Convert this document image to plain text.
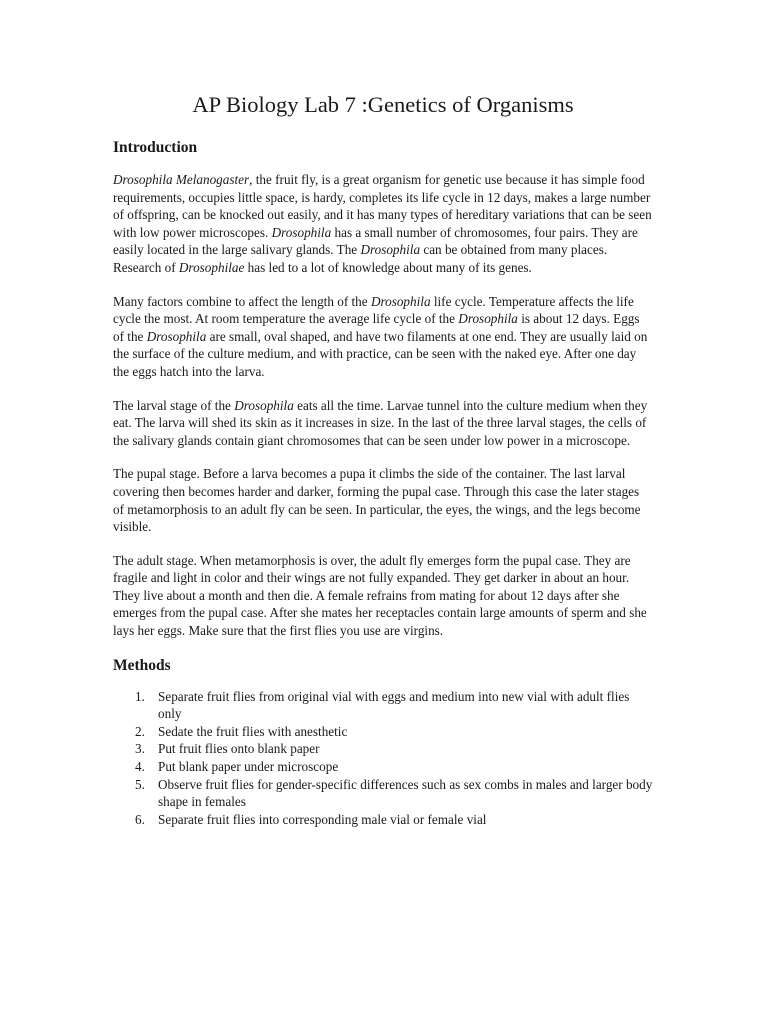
AP Biology Lab 7 :Genetics of Organisms
Introduction

Drosophila Melanogaster, the fruit fly, is a great organism for genetic use because it has simple food requirements, occupies little space, is hardy, completes its life cycle in 12 days, makes a large number of offspring, can be knocked out easily, and it has many types of hereditary variations that can be seen with low power microscopes. Drosophila has a small number of chromosomes, four pairs. They are easily located in the large salivary glands. The Drosophila can be obtained from many places. Research of Drosophilae has led to a lot of knowledge about many of its genes.

Many factors combine to affect the length of the Drosophila life cycle. Temperature affects the life cycle the most. At room temperature the average life cycle of the Drosophila is about 12 days. Eggs of the Drosophila are small, oval shaped, and have two filaments at one end. They are usually laid on the surface of the culture medium, and with practice, can be seen with the naked eye. After one day the eggs hatch into the larva.

The larval stage of the Drosophila eats all the time. Larvae tunnel into the culture medium when they eat. The larva will shed its skin as it increases in size. In the last of the three larval stages, the cells of the salivary glands contain giant chromosomes that can be seen under low power in a microscope.

The pupal stage. Before a larva becomes a pupa it climbs the side of the container. The last larval covering then becomes harder and darker, forming the pupal case. Through this case the later stages of metamorphosis to an adult fly can be seen. In particular, the eyes, the wings, and the legs become visible.

The adult stage. When metamorphosis is over, the adult fly emerges form the pupal case. They are fragile and light in color and their wings are not fully expanded. They get darker in about an hour. They live about a month and then die. A female refrains from mating for about 12 days after she emerges from the pupal case. After she mates her receptacles contain large amounts of sperm and she lays her eggs. Make sure that the first flies you use are virgins.

Methods
1. Separate fruit flies from original vial with eggs and medium into new vial with adult flies only
2. Sedate the fruit flies with anesthetic
3. Put fruit flies onto blank paper
4. Put blank paper under microscope
5. Observe fruit flies for gender-specific differences such as sex combs in males and larger body shape in females
6. Separate fruit flies into corresponding male vial or female vial
